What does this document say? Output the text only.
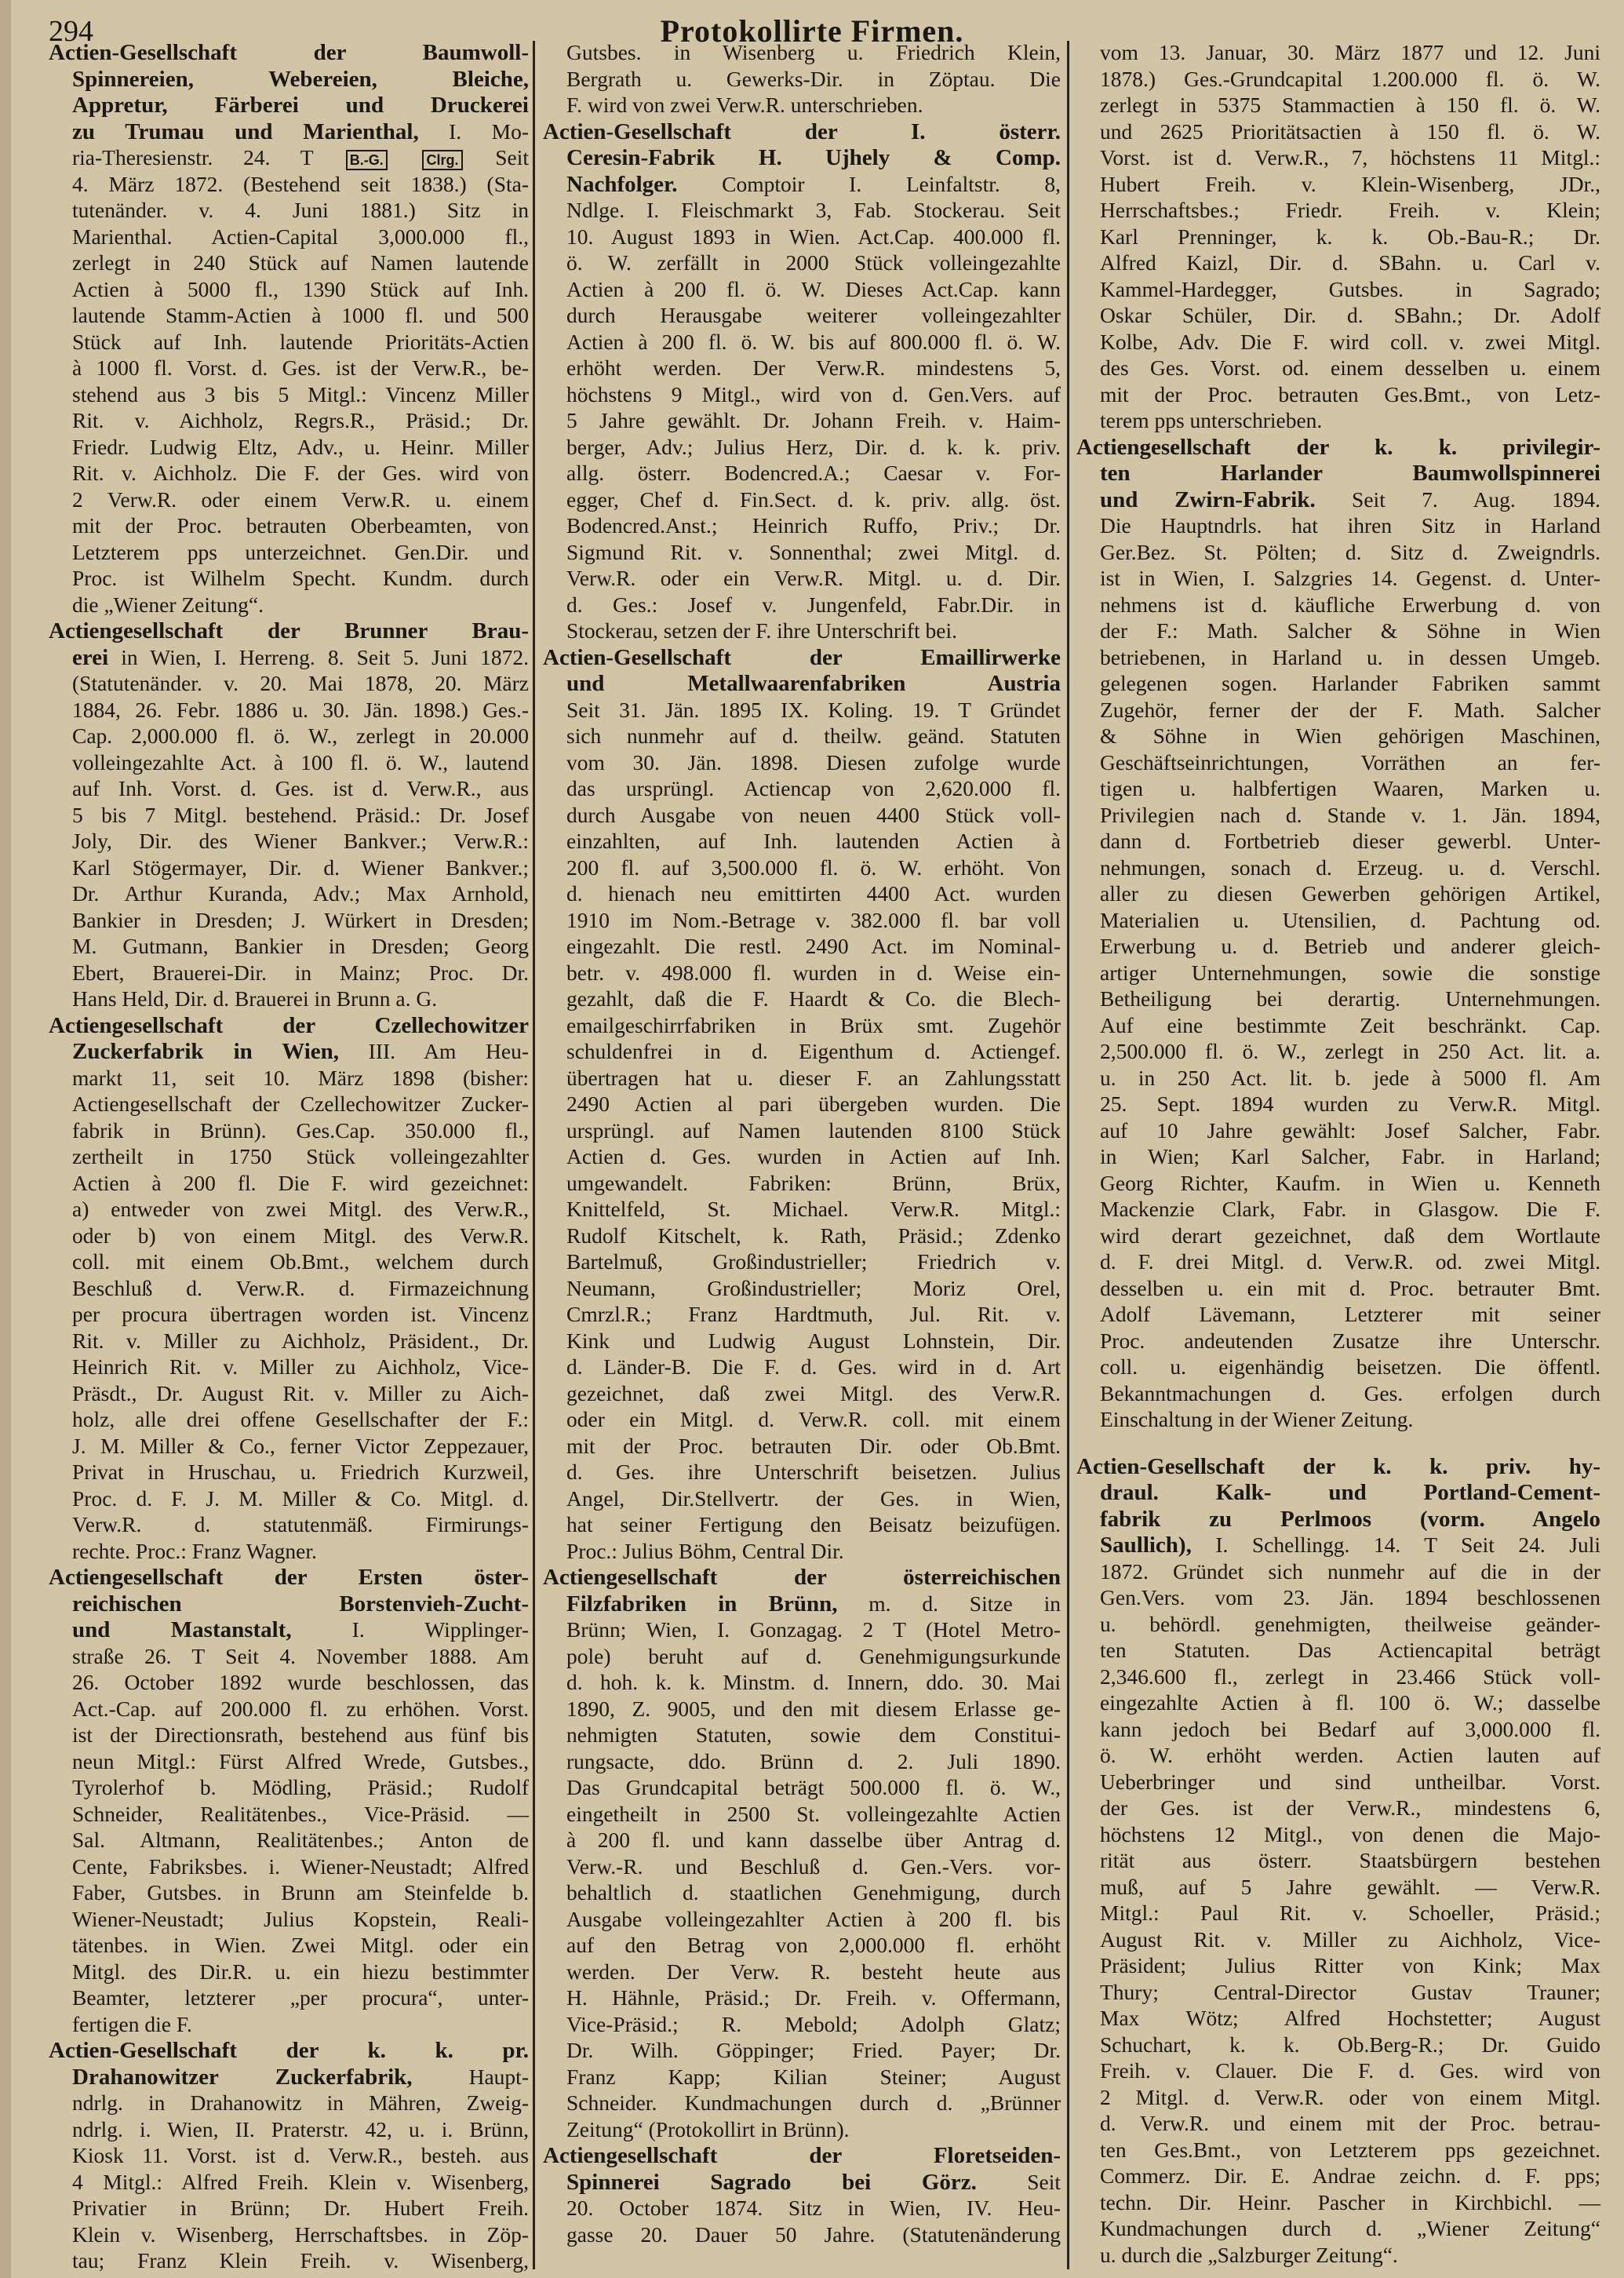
294	Protokollirte Firmen.
Actien-Gesellschaft der Baumwoll-
Spinnereien, Webereien, Bleiche,
Appretur, Färberei und Druckerei
zu Trumau und Marienthal, I. Mo-
ria-Theresienstr. 24. T	B.-G.	Clrg. Seit
4. März 1872. (Bestehend seit 1838.) (Sta-
tutenänder. v. 4. Juni 1881.) Sitz in
Marienthal. Actien-Capital 3,000.000 fl.,
zerlegt in 240 Stück auf Namen lautende
Actien à 5000 fl., 1390 Stück auf Inh.
lautende Stamm-Actien à 1000 fl. und 500
Stück auf Inh. lautende Prioritäts-Actien
à 1000 fl. Vorst. d. Ges. ist der Verw.R., be-
stehend aus 3 bis 5 Mitgl.: Vincenz Miller
Rit. v. Aichholz, Regrs.R., Präsid.; Dr.
Friedr. Ludwig Eltz, Adv., u. Heinr. Miller
Rit. v. Aichholz. Die F. der Ges. wird von
2 Verw.R. oder einem Verw.R. u. einem
mit der Proc. betrauten Oberbeamten, von
Letzterem pps unterzeichnet. Gen.Dir. und
Proc. ist Wilhelm Specht. Kundm. durch
die „Wiener Zeitung“.
Actiengesellschaft der Brunner Brau-
erei in Wien, I. Herreng. 8. Seit 5. Juni 1872.
(Statutenänder. v. 20. Mai 1878, 20. März
1884, 26. Febr. 1886 u. 30. Jän. 1898.) Ges.-
Cap. 2,000.000 fl. ö. W., zerlegt in 20.000
volleingezahlte Act. à 100 fl. ö. W., lautend
auf Inh. Vorst. d. Ges. ist d. Verw.R., aus
5 bis 7 Mitgl. bestehend. Präsid.: Dr. Josef
Joly, Dir. des Wiener Bankver.; Verw.R.:
Karl Stögermayer, Dir. d. Wiener Bankver.;
Dr. Arthur Kuranda, Adv.; Max Arnhold,
Bankier in Dresden; J. Würkert in Dresden;
M. Gutmann, Bankier in Dresden; Georg
Ebert, Brauerei-Dir. in Mainz; Proc. Dr.
Hans Held, Dir. d. Brauerei in Brunn a. G.
Actiengesellschaft der Czellechowitzer
Zuckerfabrik in Wien, III. Am Heu-
markt 11, seit 10. März 1898 (bisher:
Actiengesellschaft der Czellechowitzer Zucker-
fabrik in Brünn). Ges.Cap. 350.000 fl.,
zertheilt in 1750 Stück volleingezahlter
Actien à 200 fl. Die F. wird gezeichnet:
a) entweder von zwei Mitgl. des Verw.R.,
oder b) von einem Mitgl. des Verw.R.
coll. mit einem Ob.Bmt., welchem durch
Beschluß d. Verw.R. d. Firmazeichnung
per procura übertragen worden ist. Vincenz
Rit. v. Miller zu Aichholz, Präsident., Dr.
Heinrich Rit. v. Miller zu Aichholz, Vice-
Präsdt., Dr. August Rit. v. Miller zu Aich-
holz, alle drei offene Gesellschafter der F.:
J. M. Miller & Co., ferner Victor Zeppezauer,
Privat in Hruschau, u. Friedrich Kurzweil,
Proc. d. F. J. M. Miller & Co. Mitgl. d.
Verw.R. d. statutenmäß. Firmirungs-
rechte. Proc.: Franz Wagner.
Actiengesellschaft der Ersten öster-
reichischen Borstenvieh-Zucht-
und Mastanstalt, I. Wipplinger-
straße 26. T Seit 4. November 1888. Am
26. October 1892 wurde beschlossen, das
Act.-Cap. auf 200.000 fl. zu erhöhen. Vorst.
ist der Directionsrath, bestehend aus fünf bis
neun Mitgl.: Fürst Alfred Wrede, Gutsbes.,
Tyrolerhof b. Mödling, Präsid.; Rudolf
Schneider, Realitätenbes., Vice-Präsid. —
Sal. Altmann, Realitätenbes.; Anton de
Cente, Fabriksbes. i. Wiener-Neustadt; Alfred
Faber, Gutsbes. in Brunn am Steinfelde b.
Wiener-Neustadt; Julius Kopstein, Reali-
tätenbes. in Wien. Zwei Mitgl. oder ein
Mitgl. des Dir.R. u. ein hiezu bestimmter
Beamter, letzterer „per procura“, unter-
fertigen die F.
Actien-Gesellschaft der k. k. pr.
Drahanowitzer Zuckerfabrik, Haupt-
ndrlg. in Drahanowitz in Mähren, Zweig-
ndrlg. i. Wien, II. Praterstr. 42, u. i. Brünn,
Kiosk 11. Vorst. ist d. Verw.R., besteh. aus
4 Mitgl.: Alfred Freih. Klein v. Wisenberg,
Privatier in Brünn; Dr. Hubert Freih.
Klein v. Wisenberg, Herrschaftsbes. in Zöp-
tau; Franz Klein Freih. v. Wisenberg,
Gutsbes. in Wisenberg u. Friedrich Klein,
Bergrath u. Gewerks-Dir. in Zöptau. Die
F. wird von zwei Verw.R. unterschrieben.
Actien-Gesellschaft der I. österr.
Ceresin-Fabrik H. Ujhely & Comp.
Nachfolger. Comptoir I. Leinfaltstr. 8,
Ndlge. I. Fleischmarkt 3, Fab. Stockerau. Seit
10. August 1893 in Wien. Act.Cap. 400.000 fl.
ö. W. zerfällt in 2000 Stück volleingezahlte
Actien à 200 fl. ö. W. Dieses Act.Cap. kann
durch Herausgabe weiterer volleingezahlter
Actien à 200 fl. ö. W. bis auf 800.000 fl. ö. W.
erhöht werden. Der Verw.R. mindestens 5,
höchstens 9 Mitgl., wird von d. Gen.Vers. auf
5 Jahre gewählt. Dr. Johann Freih. v. Haim-
berger, Adv.; Julius Herz, Dir. d. k. k. priv.
allg. österr. Bodencred.A.; Caesar v. For-
egger, Chef d. Fin.Sect. d. k. priv. allg. öst.
Bodencred.Anst.; Heinrich Ruffo, Priv.; Dr.
Sigmund Rit. v. Sonnenthal; zwei Mitgl. d.
Verw.R. oder ein Verw.R. Mitgl. u. d. Dir.
d. Ges.: Josef v. Jungenfeld, Fabr.Dir. in
Stockerau, setzen der F. ihre Unterschrift bei.
Actien-Gesellschaft der Emaillirwerke
und Metallwaarenfabriken Austria
Seit 31. Jän. 1895 IX. Koling. 19. T Gründet
sich nunmehr auf d. theilw. geänd. Statuten
vom 30. Jän. 1898. Diesen zufolge wurde
das ursprüngl. Actiencap von 2,620.000 fl.
durch Ausgabe von neuen 4400 Stück voll-
einzahlten, auf Inh. lautenden Actien à
200 fl. auf 3,500.000 fl. ö. W. erhöht. Von
d. hienach neu emittirten 4400 Act. wurden
1910 im Nom.-Betrage v. 382.000 fl. bar voll
eingezahlt. Die restl. 2490 Act. im Nominal-
betr. v. 498.000 fl. wurden in d. Weise ein-
gezahlt, daß die F. Haardt & Co. die Blech-
emailgeschirrfabriken in Brüx smt. Zugehör
schuldenfrei in d. Eigenthum d. Actiengef.
übertragen hat u. dieser F. an Zahlungsstatt
2490 Actien al pari übergeben wurden. Die
ursprüngl. auf Namen lautenden 8100 Stück
Actien d. Ges. wurden in Actien auf Inh.
umgewandelt. Fabriken: Brünn, Brüx,
Knittelfeld, St. Michael. Verw.R. Mitgl.:
Rudolf Kitschelt, k. Rath, Präsid.; Zdenko
Bartelmuß, Großindustrieller; Friedrich v.
Neumann, Großindustrieller; Moriz Orel,
Cmrzl.R.; Franz Hardtmuth, Jul. Rit. v.
Kink und Ludwig August Lohnstein, Dir.
d. Länder-B. Die F. d. Ges. wird in d. Art
gezeichnet, daß zwei Mitgl. des Verw.R.
oder ein Mitgl. d. Verw.R. coll. mit einem
mit der Proc. betrauten Dir. oder Ob.Bmt.
d. Ges. ihre Unterschrift beisetzen. Julius
Angel, Dir.Stellvertr. der Ges. in Wien,
hat seiner Fertigung den Beisatz beizufügen.
Proc.: Julius Böhm, Central Dir.
Actiengesellschaft der österreichischen
Filzfabriken in Brünn, m. d. Sitze in
Brünn; Wien, I. Gonzagag. 2 T (Hotel Metro-
pole) beruht auf d. Genehmigungsurkunde
d. hoh. k. k. Minstm. d. Innern, ddo. 30. Mai
1890, Z. 9005, und den mit diesem Erlasse ge-
nehmigten Statuten, sowie dem Constitui-
rungsacte, ddo. Brünn d. 2. Juli 1890.
Das Grundcapital beträgt 500.000 fl. ö. W.,
eingetheilt in 2500 St. volleingezahlte Actien
à 200 fl. und kann dasselbe über Antrag d.
Verw.-R. und Beschluß d. Gen.-Vers. vor-
behaltlich d. staatlichen Genehmigung, durch
Ausgabe volleingezahlter Actien à 200 fl. bis
auf den Betrag von 2,000.000 fl. erhöht
werden. Der Verw. R. besteht heute aus
H. Hähnle, Präsid.; Dr. Freih. v. Offermann,
Vice-Präsid.; R. Mebold; Adolph Glatz;
Dr. Wilh. Göppinger; Fried. Payer; Dr.
Franz Kapp; Kilian Steiner; August
Schneider. Kundmachungen durch d. „Brünner
Zeitung“ (Protokollirt in Brünn).
Actiengesellschaft der Floretseiden-
Spinnerei Sagrado bei Görz. Seit
20. October 1874. Sitz in Wien, IV. Heu-
gasse 20. Dauer 50 Jahre. (Statutenänderung
vom 13. Januar, 30. März 1877 und 12. Juni
1878.) Ges.-Grundcapital 1.200.000 fl. ö. W.
zerlegt in 5375 Stammactien à 150 fl. ö. W.
und 2625 Prioritätsactien à 150 fl. ö. W.
Vorst. ist d. Verw.R., 7, höchstens 11 Mitgl.:
Hubert Freih. v. Klein-Wisenberg, JDr.,
Herrschaftsbes.; Friedr. Freih. v. Klein;
Karl Prenninger, k. k. Ob.-Bau-R.; Dr.
Alfred Kaizl, Dir. d. SBahn. u. Carl v.
Kammel-Hardegger, Gutsbes. in Sagrado;
Oskar Schüler, Dir. d. SBahn.; Dr. Adolf
Kolbe, Adv. Die F. wird coll. v. zwei Mitgl.
des Ges. Vorst. od. einem desselben u. einem
mit der Proc. betrauten Ges.Bmt., von Letz-
terem pps unterschrieben.
Actiengesellschaft der k. k. privilegir-
ten Harlander Baumwollspinnerei
und Zwirn-Fabrik. Seit 7. Aug. 1894.
Die Hauptndrls. hat ihren Sitz in Harland
Ger.Bez. St. Pölten; d. Sitz d. Zweigndrls.
ist in Wien, I. Salzgries 14. Gegenst. d. Unter-
nehmens ist d. käufliche Erwerbung d. von
der F.: Math. Salcher & Söhne in Wien
betriebenen, in Harland u. in dessen Umgeb.
gelegenen sogen. Harlander Fabriken sammt
Zugehör, ferner der der F. Math. Salcher
& Söhne in Wien gehörigen Maschinen,
Geschäftseinrichtungen, Vorräthen an fer-
tigen u. halbfertigen Waaren, Marken u.
Privilegien nach d. Stande v. 1. Jän. 1894,
dann d. Fortbetrieb dieser gewerbl. Unter-
nehmungen, sonach d. Erzeug. u. d. Verschl.
aller zu diesen Gewerben gehörigen Artikel,
Materialien u. Utensilien, d. Pachtung od.
Erwerbung u. d. Betrieb und anderer gleich-
artiger Unternehmungen, sowie die sonstige
Betheiligung bei derartig. Unternehmungen.
Auf eine bestimmte Zeit beschränkt. Cap.
2,500.000 fl. ö. W., zerlegt in 250 Act. lit. a.
u. in 250 Act. lit. b. jede à 5000 fl. Am
25. Sept. 1894 wurden zu Verw.R. Mitgl.
auf 10 Jahre gewählt: Josef Salcher, Fabr.
in Wien; Karl Salcher, Fabr. in Harland;
Georg Richter, Kaufm. in Wien u. Kenneth
Mackenzie Clark, Fabr. in Glasgow. Die F.
wird derart gezeichnet, daß dem Wortlaute
d. F. drei Mitgl. d. Verw.R. od. zwei Mitgl.
desselben u. ein mit d. Proc. betrauter Bmt.
Adolf Lävemann, Letzterer mit seiner
Proc. andeutenden Zusatze ihre Unterschr.
coll. u. eigenhändig beisetzen. Die öffentl.
Bekanntmachungen d. Ges. erfolgen durch
Einschaltung in der Wiener Zeitung.
Actien-Gesellschaft der k. k. priv. hy-
draul. Kalk- und Portland-Cement-
fabrik zu Perlmoos (vorm. Angelo
Saullich), I. Schellingg. 14. T Seit 24. Juli
1872. Gründet sich nunmehr auf die in der
Gen.Vers. vom 23. Jän. 1894 beschlossenen
u. behördl. genehmigten, theilweise geänder-
ten Statuten. Das Actiencapital beträgt
2,346.600 fl., zerlegt in 23.466 Stück voll-
eingezahlte Actien à fl. 100 ö. W.; dasselbe
kann jedoch bei Bedarf auf 3,000.000 fl.
ö. W. erhöht werden. Actien lauten auf
Ueberbringer und sind untheilbar. Vorst.
der Ges. ist der Verw.R., mindestens 6,
höchstens 12 Mitgl., von denen die Majo-
rität aus österr. Staatsbürgern bestehen
muß, auf 5 Jahre gewählt. — Verw.R.
Mitgl.: Paul Rit. v. Schoeller, Präsid.;
August Rit. v. Miller zu Aichholz, Vice-
Präsident; Julius Ritter von Kink; Max
Thury; Central-Director Gustav Trauner;
Max Wötz; Alfred Hochstetter; August
Schuchart, k. k. Ob.Berg-R.; Dr. Guido
Freih. v. Clauer. Die F. d. Ges. wird von
2 Mitgl. d. Verw.R. oder von einem Mitgl.
d. Verw.R. und einem mit der Proc. betrau-
ten Ges.Bmt., von Letzterem pps gezeichnet.
Commerz. Dir. E. Andrae zeichn. d. F. pps;
techn. Dir. Heinr. Pascher in Kirchbichl. —
Kundmachungen durch d. „Wiener Zeitung“
u. durch die „Salzburger Zeitung“.
